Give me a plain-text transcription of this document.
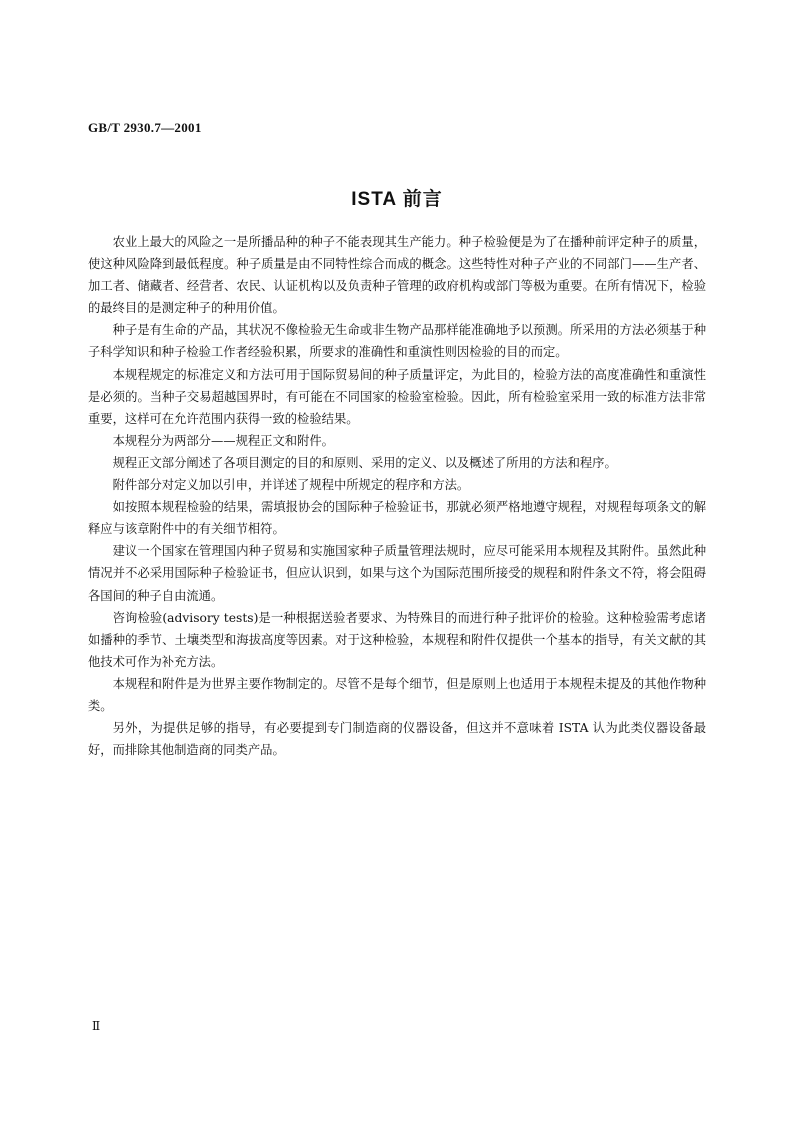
GB/T 2930.7—2001
ISTA 前言

农业上最大的风险之一是所播品种的种子不能表现其生产能力。种子检验便是为了在播种前评定种子的质量，使这种风险降到最低程度。种子质量是由不同特性综合而成的概念。这些特性对种子产业的不同部门——生产者、加工者、储藏者、经营者、农民、认证机构以及负责种子管理的政府机构或部门等极为重要。在所有情况下，检验的最终目的是测定种子的种用价值。

种子是有生命的产品，其状况不像检验无生命或非生物产品那样能准确地予以预测。所采用的方法必须基于种子科学知识和种子检验工作者经验积累，所要求的准确性和重演性则因检验的目的而定。

本规程规定的标准定义和方法可用于国际贸易间的种子质量评定，为此目的，检验方法的高度准确性和重演性是必须的。当种子交易超越国界时，有可能在不同国家的检验室检验。因此，所有检验室采用一致的标准方法非常重要，这样可在允许范围内获得一致的检验结果。

本规程分为两部分——规程正文和附件。

规程正文部分阐述了各项目测定的目的和原则、采用的定义、以及概述了所用的方法和程序。

附件部分对定义加以引申，并详述了规程中所规定的程序和方法。

如按照本规程检验的结果，需填报协会的国际种子检验证书，那就必须严格地遵守规程，对规程每项条文的解释应与该章附件中的有关细节相符。

建议一个国家在管理国内种子贸易和实施国家种子质量管理法规时，应尽可能采用本规程及其附件。虽然此种情况并不必采用国际种子检验证书，但应认识到，如果与这个为国际范围所接受的规程和附件条文不符，将会阻碍各国间的种子自由流通。

咨询检验(advisory tests)是一种根据送验者要求、为特殊目的而进行种子批评价的检验。这种检验需考虑诸如播种的季节、土壤类型和海拔高度等因素。对于这种检验，本规程和附件仅提供一个基本的指导，有关文献的其他技术可作为补充方法。

本规程和附件是为世界主要作物制定的。尽管不是每个细节，但是原则上也适用于本规程未提及的其他作物种类。

另外，为提供足够的指导，有必要提到专门制造商的仪器设备，但这并不意味着 ISTA 认为此类仪器设备最好，而排除其他制造商的同类产品。

Ⅱ
